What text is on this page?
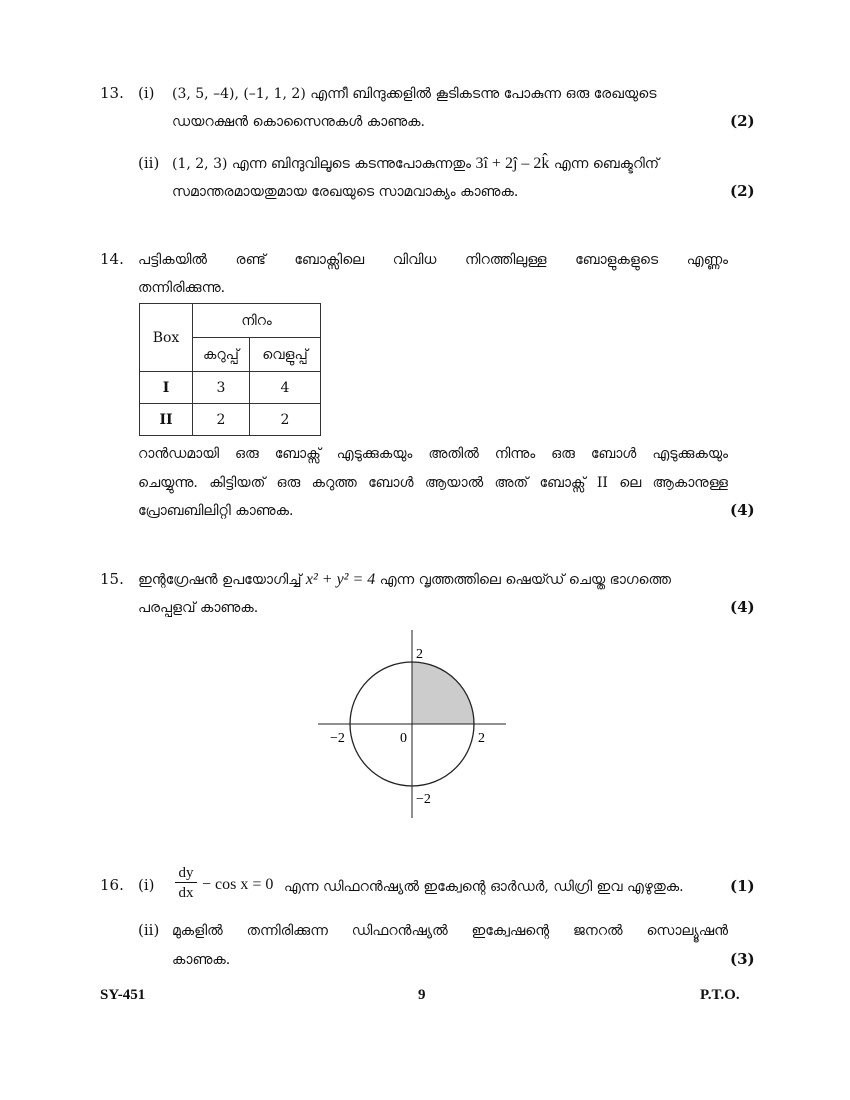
13. (i) (3, 5, –4), (–1, 1, 2) എന്നീ ബിന്ദുക്കളിൽ കൂടികടന്നു പോകുന്ന ഒരു രേഖയുടെ
ഡയറക്ഷൻ കൊസൈനുകൾ കാണുക.	(2)
(ii) (1, 2, 3) എന്ന ബിന്ദുവിലൂടെ കടന്നുപോകുന്നതും 3î + 2ĵ – 2k̂ എന്ന ബെക്ടറിന്
സമാന്തരമായതുമായ രേഖയുടെ സാമവാക്യം കാണുക.	(2)
14. പട്ടികയിൽ രണ്ട് ബോക്സിലെ വിവിധ നിറത്തിലുള്ള ബോളുകളുടെ എണ്ണം
തന്നിരിക്കുന്നു.
Box	നിറം	
	കറുപ്പ്	വെളുപ്പ്
I	3	4
II	2	2
റാൻഡമായി ഒരു ബോക്സ് എടുക്കുകയും അതിൽ നിന്നും ഒരു ബോൾ എടുക്കുകയും
ചെയ്യുന്നു. കിട്ടിയത് ഒരു കറുത്ത ബോൾ ആയാൽ അത് ബോക്സ് II ലെ ആകാനുള്ള
പ്രോബബിലിറ്റി കാണുക.	(4)
15. ഇന്റഗ്രേഷൻ ഉപയോഗിച്ച് x² + y² = 4 എന്ന വൃത്തത്തിലെ ഷെയ്ഡ് ചെയ്ത ഭാഗത്തെ
പരപ്പളവ് കാണുക.	(4)
2
−2
−2	2
0
16. $(i) \frac{dy}{dx} - \cos x = 0$ എന്ന ഡിഫറൻഷ്യൽ ഇക്വേന്റെ ഓർഡർ, ഡിഗ്രി ഇവ എഴുതുക.	(1)
(ii) മുകളിൽ തന്നിരിക്കുന്ന ഡിഫറൻഷ്യൽ ഇക്വേഷന്റെ ജനറൽ സൊല്യൂഷൻ
കാണുക.	(3)
SY-451	9	P.T.O.
